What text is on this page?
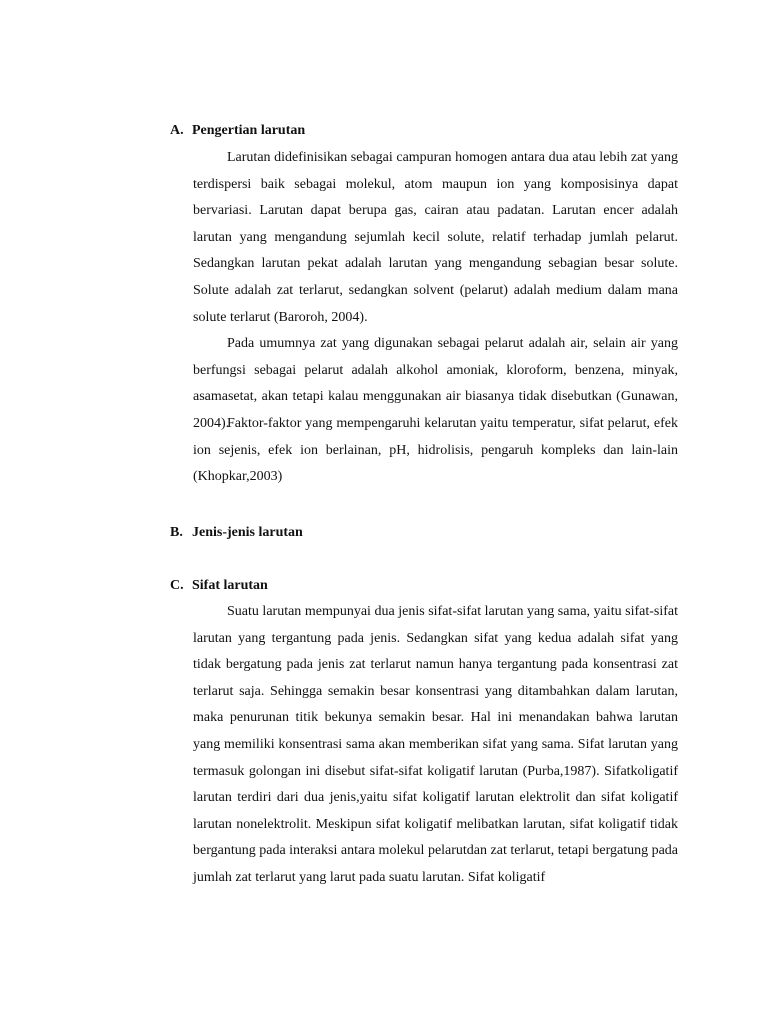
A. Pengertian larutan

Larutan didefinisikan sebagai campuran homogen antara dua atau lebih zat yang terdispersi baik sebagai molekul, atom maupun ion yang komposisinya dapat bervariasi. Larutan dapat berupa gas, cairan atau padatan. Larutan encer adalah larutan yang mengandung sejumlah kecil solute, relatif terhadap jumlah pelarut. Sedangkan larutan pekat adalah larutan yang mengandung sebagian besar solute. Solute adalah zat terlarut, sedangkan solvent (pelarut) adalah medium dalam mana solute terlarut (Baroroh, 2004).

Pada umumnya zat yang digunakan sebagai pelarut adalah air, selain air yang berfungsi sebagai pelarut adalah alkohol amoniak, kloroform, benzena, minyak, asamasetat, akan tetapi kalau menggunakan air biasanya tidak disebutkan (Gunawan, 2004).

Faktor-faktor yang mempengaruhi kelarutan yaitu temperatur, sifat pelarut, efek ion sejenis, efek ion berlainan, pH, hidrolisis, pengaruh kompleks dan lain-lain (Khopkar,2003)

B. Jenis-jenis larutan
C. Sifat larutan

Suatu larutan mempunyai dua jenis sifat-sifat larutan yang sama, yaitu sifat-sifat larutan yang tergantung pada jenis. Sedangkan sifat yang kedua adalah sifat yang tidak bergatung pada jenis zat terlarut namun hanya tergantung pada konsentrasi zat terlarut saja. Sehingga semakin besar konsentrasi yang ditambahkan dalam larutan, maka penurunan titik bekunya semakin besar. Hal ini menandakan bahwa larutan yang memiliki konsentrasi sama akan memberikan sifat yang sama. Sifat larutan yang termasuk golongan ini disebut sifat-sifat koligatif larutan (Purba,1987). Sifatkoligatif larutan terdiri dari dua jenis,yaitu sifat koligatif larutan elektrolit dan sifat koligatif larutan nonelektrolit. Meskipun sifat koligatif melibatkan larutan, sifat koligatif tidak bergantung pada interaksi antara molekul pelarutdan zat terlarut, tetapi bergatung pada jumlah zat terlarut yang larut pada suatu larutan. Sifat koligatif
